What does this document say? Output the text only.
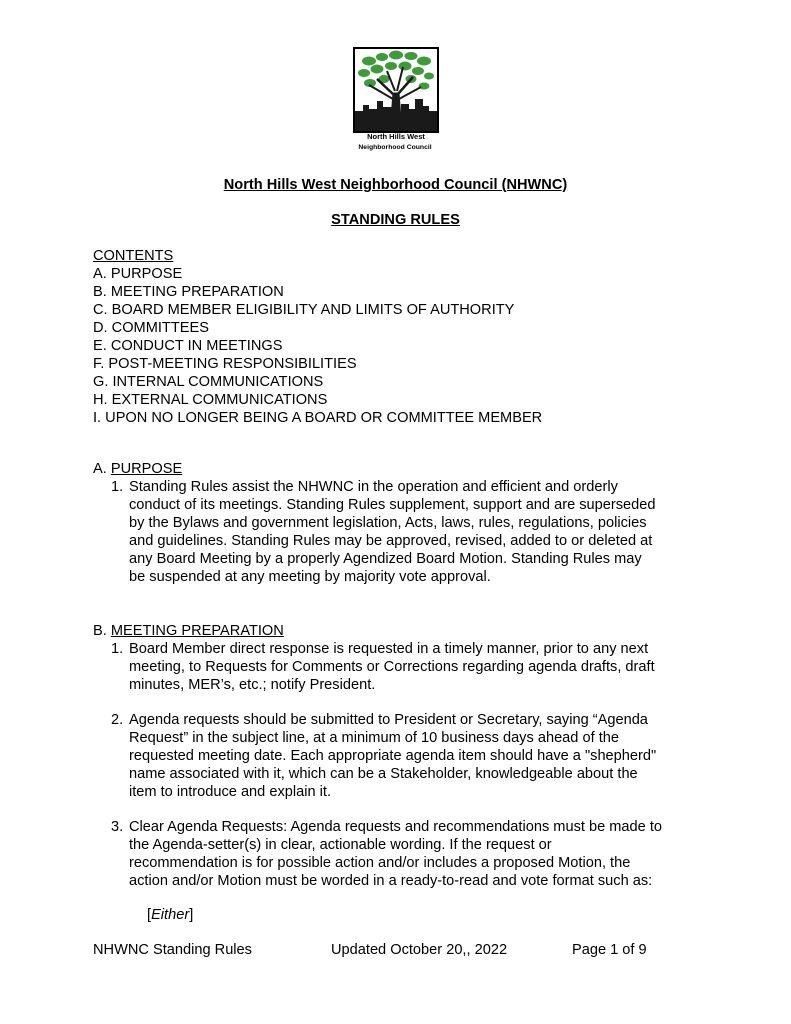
North Hills West
Neighborhood Council
North Hills West Neighborhood Council (NHWNC)
STANDING RULES
CONTENTS
A. PURPOSE
B. MEETING PREPARATION
C. BOARD MEMBER ELIGIBILITY AND LIMITS OF AUTHORITY
D. COMMITTEES
E. CONDUCT IN MEETINGS
F. POST-MEETING RESPONSIBILITIES
G. INTERNAL COMMUNICATIONS
H. EXTERNAL COMMUNICATIONS
I. UPON NO LONGER BEING A BOARD OR COMMITTEE MEMBER
A. PURPOSE
1. Standing Rules assist the NHWNC in the operation and efficient and orderly
conduct of its meetings. Standing Rules supplement, support and are superseded
by the Bylaws and government legislation, Acts, laws, rules, regulations, policies
and guidelines. Standing Rules may be approved, revised, added to or deleted at
any Board Meeting by a properly Agendized Board Motion. Standing Rules may
be suspended at any meeting by majority vote approval.
B. MEETING PREPARATION
1. Board Member direct response is requested in a timely manner, prior to any next
meeting, to Requests for Comments or Corrections regarding agenda drafts, draft
minutes, MER’s, etc.; notify President.
2. Agenda requests should be submitted to President or Secretary, saying “Agenda
Request” in the subject line, at a minimum of 10 business days ahead of the
requested meeting date. Each appropriate agenda item should have a "shepherd"
name associated with it, which can be a Stakeholder, knowledgeable about the
item to introduce and explain it.
3. Clear Agenda Requests: Agenda requests and recommendations must be made to
the Agenda-setter(s) in clear, actionable wording. If the request or
recommendation is for possible action and/or includes a proposed Motion, the
action and/or Motion must be worded in a ready-to-read and vote format such as:
[Either]
NHWNC Standing Rules	Updated October 20,, 2022	Page 1 of 9
